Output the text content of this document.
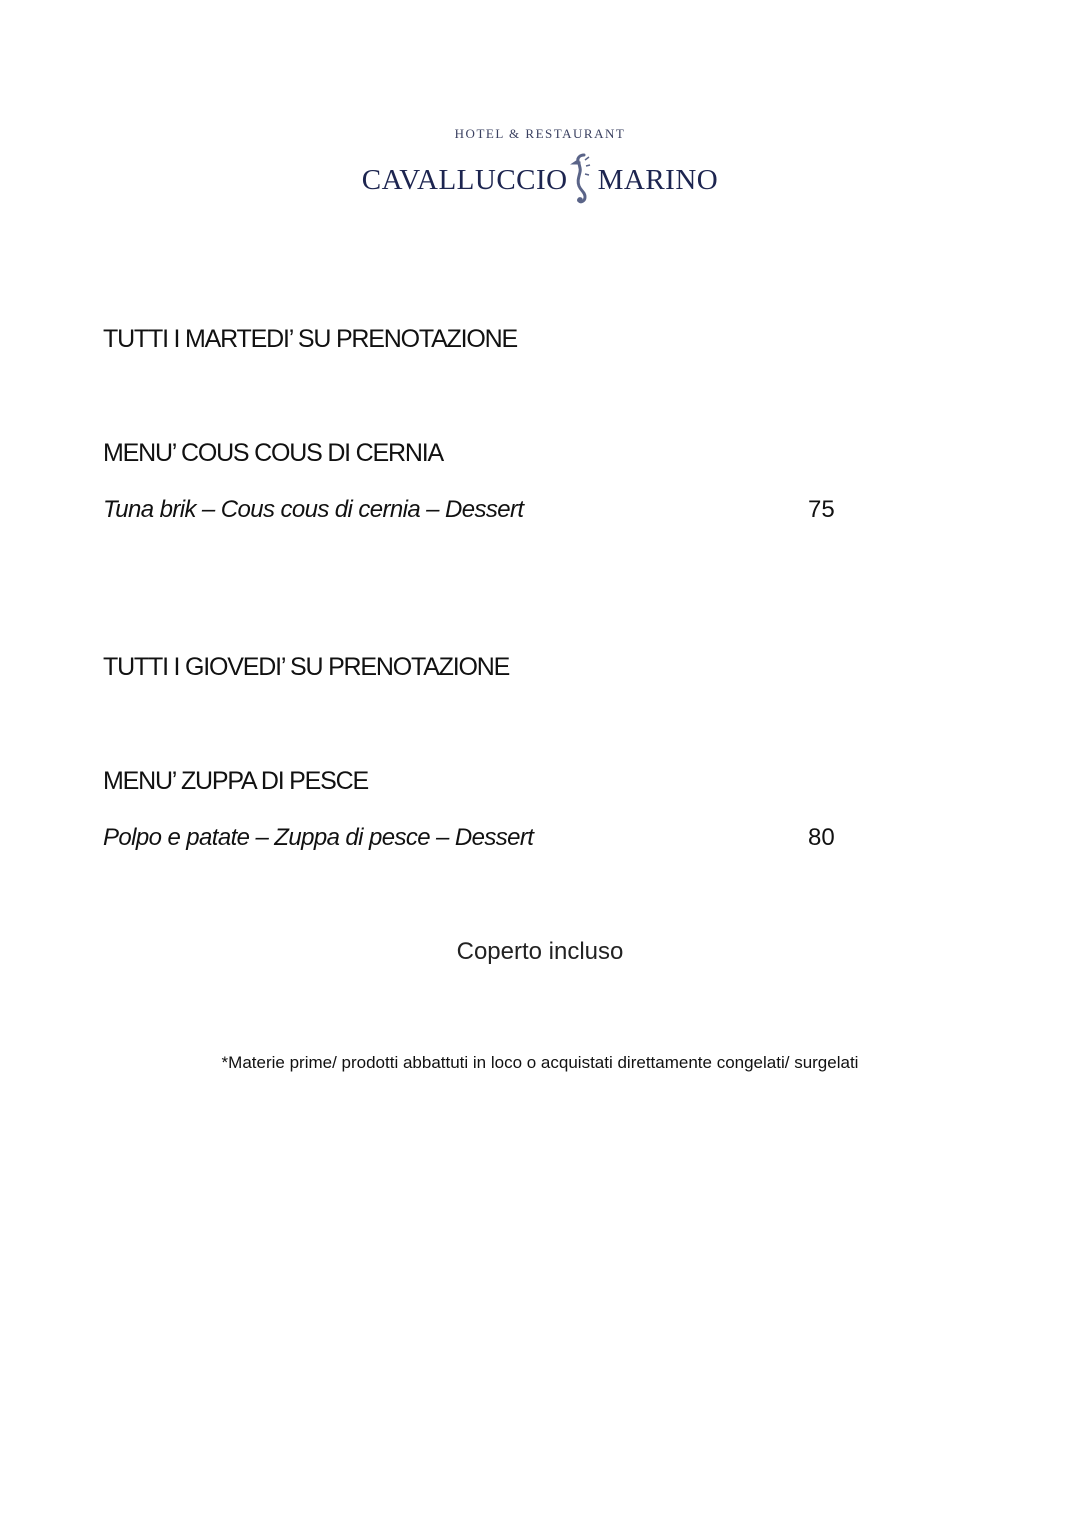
HOTEL & RESTAURANT
CAVALLUCCIO MARINO
TUTTI I MARTEDI’ SU PRENOTAZIONE
MENU’ COUS COUS DI CERNIA
Tuna brik – Cous cous di cernia – Dessert	75
TUTTI I GIOVEDI’ SU PRENOTAZIONE
MENU’ ZUPPA DI PESCE
Polpo e patate – Zuppa di pesce – Dessert	80
Coperto incluso
*Materie prime/ prodotti abbattuti in loco o acquistati direttamente congelati/ surgelati
